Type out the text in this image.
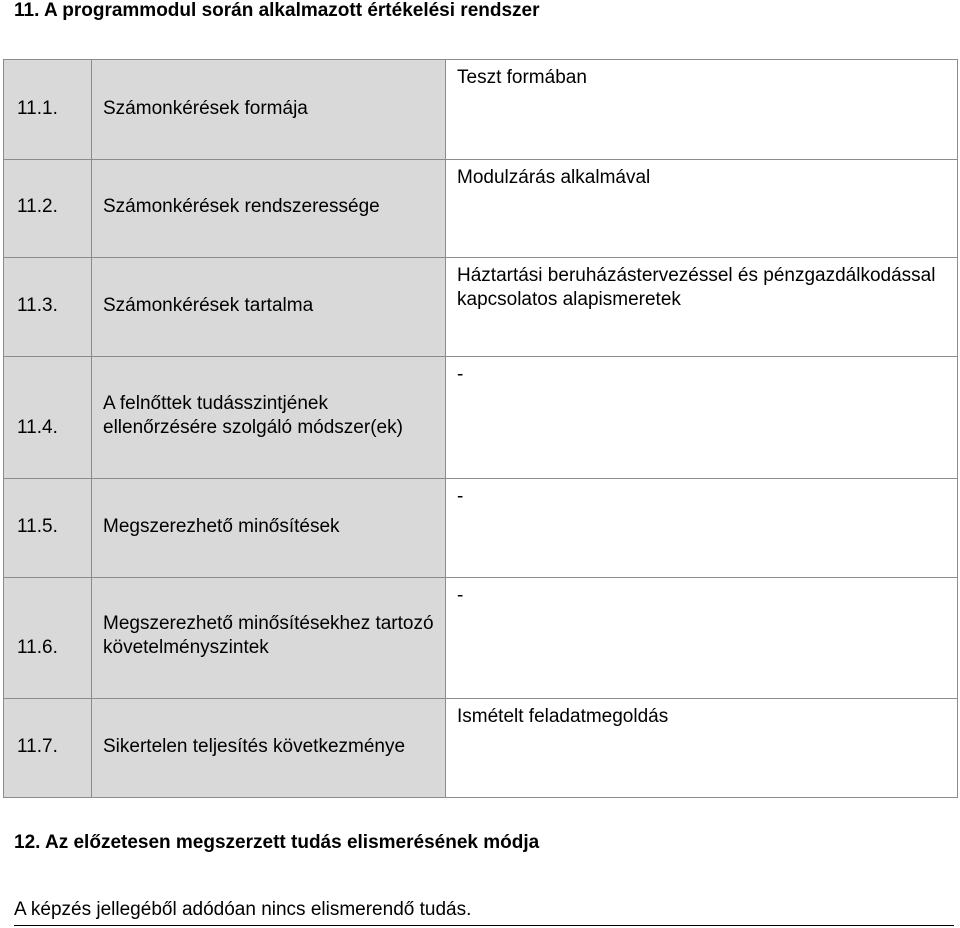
11. A programmodul során alkalmazott értékelési rendszer
11.1.	Számonkérések formája	Teszt formában

11.2.	Számonkérések rendszeressége	Modulzárás alkalmával

11.3.	Számonkérések tartalma	Háztartási beruházástervezéssel és pénzgazdálkodással kapcsolatos alapismeretek

11.4.	A felnőttek tudásszintjének ellenőrzésére szolgáló módszer(ek)	-

11.5.	Megszerezhető minősítések	-

11.6.	Megszerezhető minősítésekhez tartozó követelményszintek	-

11.7.	Sikertelen teljesítés következménye	Ismételt feladatmegoldás
12. Az előzetesen megszerzett tudás elismerésének módja
A képzés jellegéből adódóan nincs elismerendő tudás.
